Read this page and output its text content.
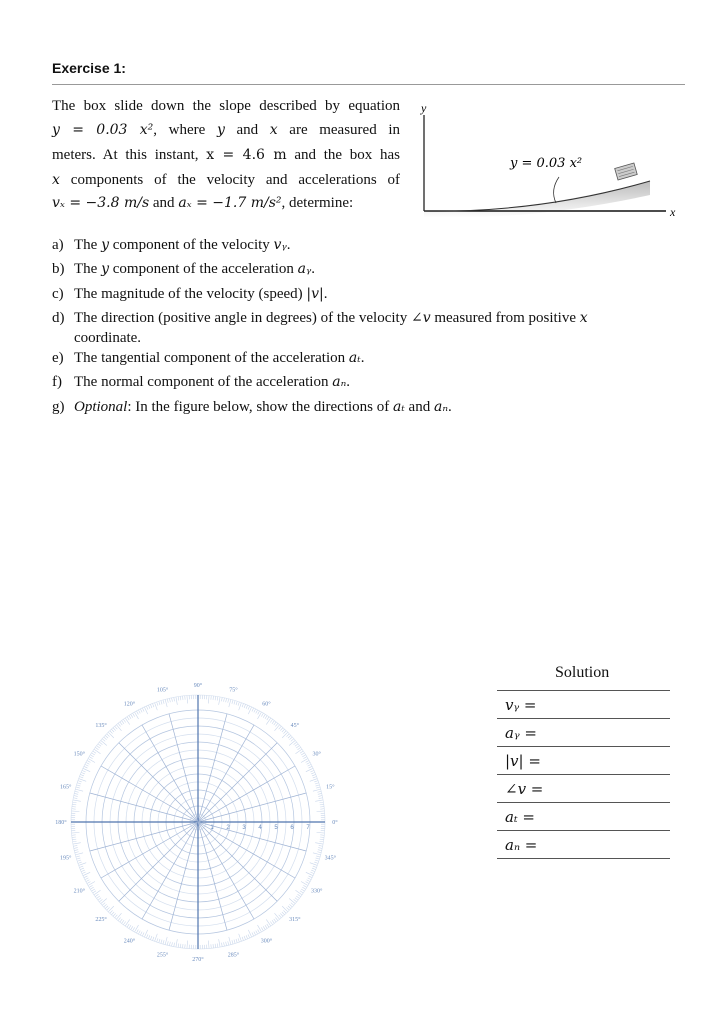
Exercise 1:
The box slide down the slope described by equation
y = 0.03 x², where y and x are measured in
meters. At this instant, x = 4.6 m and the box has
x components of the velocity and accelerations of
vₓ = −3.8 m/s and aₓ = −1.7 m/s², determine:
y
x
y = 0.03 x²
a) The y component of the velocity vᵧ.
b) The y component of the acceleration aᵧ.
c) The magnitude of the velocity (speed) |v|.
d) The direction (positive angle in degrees) of the velocity ∠v measured from positive x
coordinate.
e) The tangential component of the acceleration aₜ.
f) The normal component of the acceleration aₙ.
g) Optional: In the figure below, show the directions of aₜ and aₙ.
Solution
vᵧ =
aᵧ =
|v| =
∠v =
aₜ =
aₙ =
0°
15°
30°
45°
60°
75°
90°
105°
120°
135°
150°
165°
180°
195°
210°
225°
240°
255°
270°
285°
300°
315°
330°
345°
1 2 3 4 5 6 7
